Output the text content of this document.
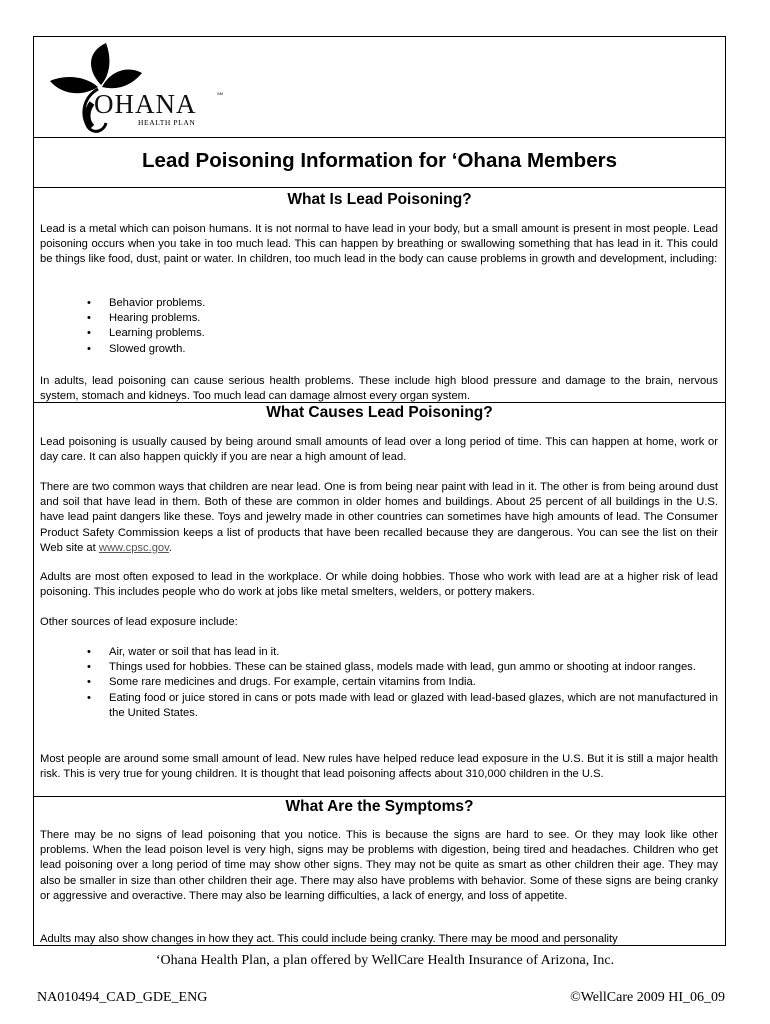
OHANA	SM
HEALTH PLAN
Lead Poisoning Information for ‘Ohana Members
What Is Lead Poisoning?

Lead is a metal which can poison humans. It is not normal to have lead in your body, but a small amount is present in most people. Lead poisoning occurs when you take in too much lead. This can happen by breathing or swallowing something that has lead in it. This could be things like food, dust, paint or water. In children, too much lead in the body can cause problems in growth and development, including:

• Behavior problems.
• Hearing problems.
• Learning problems.
• Slowed growth.

In adults, lead poisoning can cause serious health problems. These include high blood pressure and damage to the brain, nervous system, stomach and kidneys. Too much lead can damage almost every organ system.

What Causes Lead Poisoning?

Lead poisoning is usually caused by being around small amounts of lead over a long period of time. This can happen at home, work or day care. It can also happen quickly if you are near a high amount of lead.

There are two common ways that children are near lead. One is from being near paint with lead in it. The other is from being around dust and soil that have lead in them. Both of these are common in older homes and buildings. About 25 percent of all buildings in the U.S. have lead paint dangers like these. Toys and jewelry made in other countries can sometimes have high amounts of lead. The Consumer Product Safety Commission keeps a list of products that have been recalled because they are dangerous. You can see the list on their Web site at www.cpsc.gov.

Adults are most often exposed to lead in the workplace. Or while doing hobbies. Those who work with lead are at a higher risk of lead poisoning. This includes people who do work at jobs like metal smelters, welders, or pottery makers.

Other sources of lead exposure include:

• Air, water or soil that has lead in it.
• Things used for hobbies. These can be stained glass, models made with lead, gun ammo or shooting at indoor ranges.
• Some rare medicines and drugs. For example, certain vitamins from India.
• Eating food or juice stored in cans or pots made with lead or glazed with lead-based glazes, which are not manufactured in the United States.

Most people are around some small amount of lead. New rules have helped reduce lead exposure in the U.S. But it is still a major health risk. This is very true for young children. It is thought that lead poisoning affects about 310,000 children in the U.S.

What Are the Symptoms?

There may be no signs of lead poisoning that you notice. This is because the signs are hard to see. Or they may look like other problems. When the lead poison level is very high, signs may be problems with digestion, being tired and headaches. Children who get lead poisoning over a long period of time may show other signs. They may not be quite as smart as other children their age. They may also be smaller in size than other children their age. There may also have problems with behavior. Some of these signs are being cranky or aggressive and overactive. There may also be learning difficulties, a lack of energy, and loss of appetite.

Adults may also show changes in how they act. This could include being cranky. There may be mood and personality

‘Ohana Health Plan, a plan offered by WellCare Health Insurance of Arizona, Inc.
NA010494_CAD_GDE_ENG	©WellCare 2009 HI_06_09
